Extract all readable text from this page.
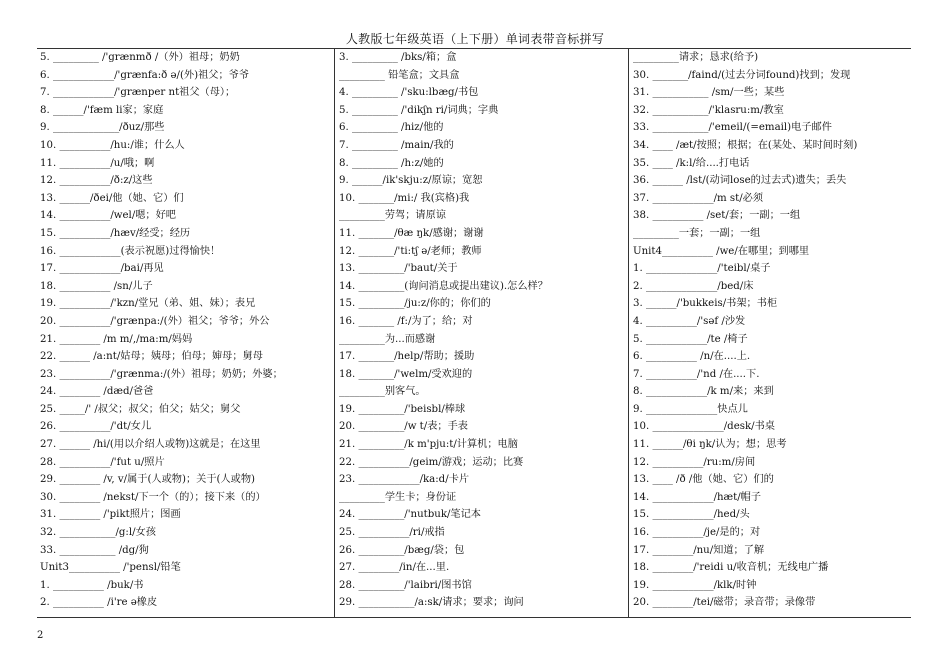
人教版七年级英语（上下册）单词表带音标拼写
5. _________ /'grænmð /（外）祖母；奶奶
6. ____________/'grænfa:ð ə/(外)祖父；爷爷
7. ____________/'grænper nt祖父（母）；
8. ______/'fæm li家；家庭
9. _____________/ðuz/那些
10. __________/hu:/谁；什么人
11. __________/u/哦；啊
12. __________/ð:z/这些
13. ______/ðei/他（她、它）们
14. __________/wel/嗯；好吧
15. __________/hæv/经受；经历
16. ____________(表示祝愿)过得愉快！
17. ____________/bai/再见
18. __________ /sn/儿子
19. __________/'kzn/堂兄（弟、姐、妹）；表兄
20. __________/'grænpa:/(外）祖父；爷爷；外公
21. ________ /m m/,/ma:m/妈妈
22. ______ /a:nt/姑母；姨母；伯母；婶母；舅母
23. __________/'grænma:/(外）祖母；奶奶；外婆；
24. ________ /dæd/爸爸
25. _____/' /叔父；叔父；伯父；姑父；舅父
26. __________/'dt/女儿
27. ______ /hi/(用以介绍人或物)这就是；在这里
28. __________/'fut u/照片
29. ________ /v, v/属于(人或物)；关于(人或物)
30. ________ /nekst/下一个（的）；接下来（的）
31. ________ /'pikt照片；图画
32. ___________/g:l/女孩
33. ___________ /dg/狗
Unit3__________ /'pensl/铅笔
1. __________ /buk/书
2. __________ /i're ə橡皮
3. _________ /bks/箱；盒
_________ 铅笔盒；文具盒
4. _________ /'sku:lbæg/书包
5. _________ /'dikʃn ri/词典；字典
6. _________ /hiz/他的
7. _________ /main/我的
8. _________ /h:z/她的
9. ______/ik'skju:z/原谅；宽恕
10. _______/mi:/ 我(宾格)我
_________劳驾；请原谅
11. _______/θæ ŋk/感谢；谢谢
12. _______/'ti:tʃ ə/老师；教师
13. _________/'baut/关于
14. _________(询问消息或提出建议).怎么样？
15. _________/ju:z/你的；你们的
16. _______ /f:/为了；给；对
_________为...而感谢
17. _______/help/帮助；援助
18. _______/'welm/受欢迎的
_________别客气。
19. _________/'beisbl/棒球
20. _________/w t/表；手表
21. _________/k m'pju:t/计算机；电脑
22. __________/geim/游戏；运动；比赛
23. ____________/ka:d/卡片
_________学生卡；身份证
24. _________/'nutbuk/笔记本
25. __________/ri/戒指
26. _________/bæg/袋；包
27. ________/in/在...里.
28. _________/'laibri/图书馆
29. ___________/a:sk/请求；要求；询问
_________请求；恳求(给予)
30. _______/faind/(过去分词found)找到；发现
31. ___________ /sm/一些；某些
32. ___________/'klasru:m/教室
33. ___________/'emeil/(=email)电子邮件
34. ____ /æt/按照；根据；在(某处、某时间时刻)
35. ____ /k:l/给....打电话
36. ______ /lst/(动词lose的过去式)遗失；丢失
37. ____________/m st/必须
38. __________ /set/套；一副；一组
_________一套；一副；一组
Unit4__________ /we/在哪里；到哪里
1. ______________/'teibl/桌子
2. ______________/bed/床
3. ______/'bukkeis/书架；书柜
4. __________/'səf /沙发
5. ____________/te /椅子
6. __________ /n/在....上.
7. __________/'nd /在....下.
8. ____________/k m/来；来到
9. ______________快点儿
10. ______________/desk/书桌
11. ______/θi ŋk/认为；想；思考
12. __________/ru:m/房间
13. ____ /ð /他（她、它）们的
14. ____________/hæt/帽子
15. ____________/hed/头
16. __________/je/是的；对
17. ________/nu/知道；了解
18. ________/'reidi u/收音机；无线电广播
19. ____________/klk/时钟
20. ________/tei/磁带；录音带；录像带
2
